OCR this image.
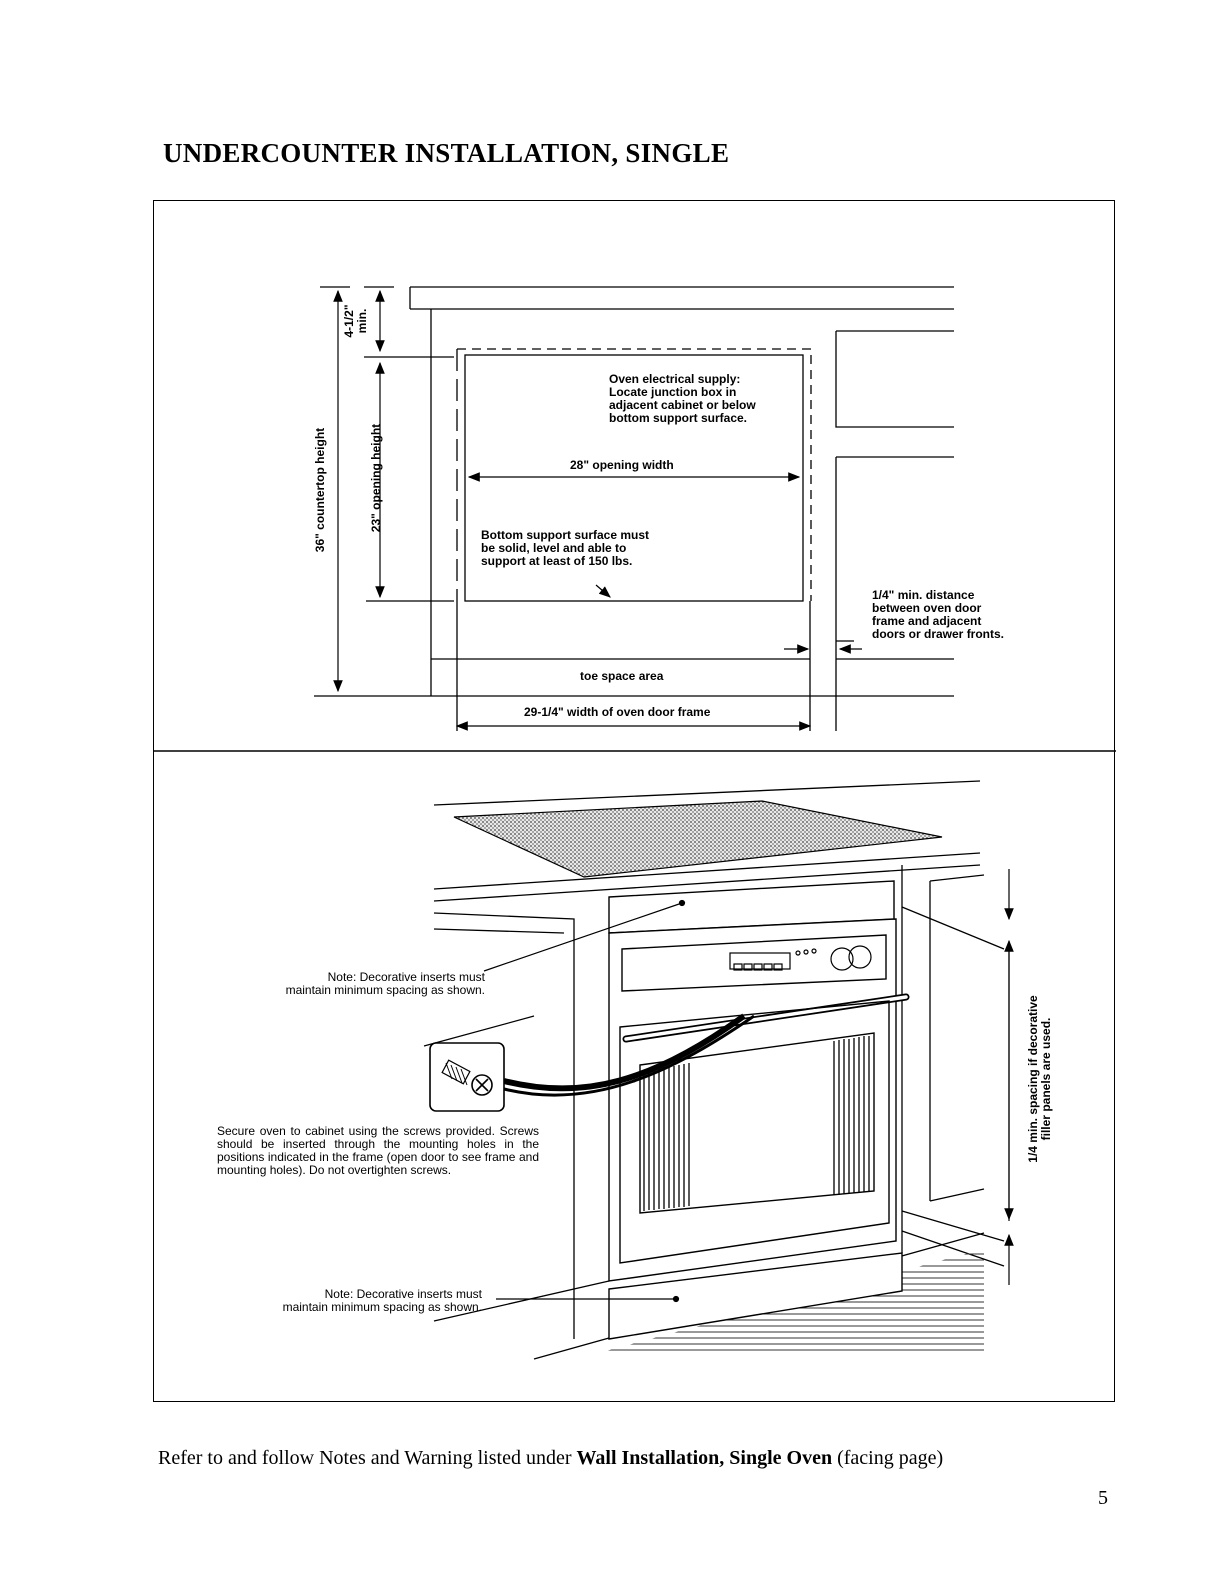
UNDERCOUNTER INSTALLATION, SINGLE
Oven electrical supply:
Locate junction box in
adjacent cabinet or below
bottom support surface.
28" opening width
Bottom support surface must
be solid, level and able to
support at least of 150 lbs.
1/4" min. distance
between oven door
frame and adjacent
doors or drawer fronts.
toe space area
29-1/4" width of oven door frame
36" countertop height	23" opening height
4-1/2"
min.
Note: Decorative inserts must
maintain minimum spacing as shown.
Secure oven to cabinet using the screws provided. Screws should be inserted through the mounting holes in the positions indicated in the frame (open door to see frame and mounting holes). Do not overtighten screws.
Note: Decorative inserts must
maintain minimum spacing as shown.
1/4 min. spacing if decorative
filler panels are used.

Refer to and follow Notes and Warning listed under Wall Installation, Single Oven (facing page)

5
